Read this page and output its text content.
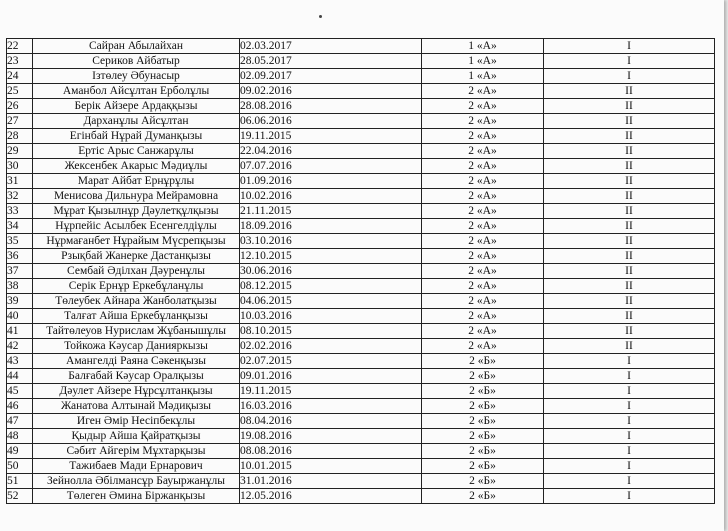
22	Сайран Абылайхан	02.03.2017	1 «А»	I
23	Сериков Айбатыр	28.05.2017	1 «А»	I
24	Ізтөлеу Әбунасыр	02.09.2017	1 «А»	I
25	Аманбол Айсұлтан Ерболұлы	09.02.2016	2 «А»	II
26	Берік Айзере Ардаққызы	28.08.2016	2 «А»	II
27	Дарханұлы Айсұлтан	06.06.2016	2 «А»	II
28	Егінбай Нұрай Думанқызы	19.11.2015	2 «А»	II
29	Ертіс Арыс Санжарұлы	22.04.2016	2 «А»	II
30	Жексенбек Акарыс Мәдиұлы	07.07.2016	2 «А»	II
31	Марат Айбат Ернұрұлы	01.09.2016	2 «А»	II
32	Менисова Дильнура Мейрамовна	10.02.2016	2 «А»	II
33	Мұрат Қызылнұр Дәулетқұлқызы	21.11.2015	2 «А»	II
34	Нұрпейіс Асылбек Есенгелдіұлы	18.09.2016	2 «А»	II
35	Нұрмағанбет Нұрайым Мүсрепқызы	03.10.2016	2 «А»	II
36	Рзықбай Жанерке Дастанқызы	12.10.2015	2 «А»	II
37	Сембай Әділхан Дәуренұлы	30.06.2016	2 «А»	II
38	Серік Ернұр Еркебұланұлы	08.12.2015	2 «А»	II
39	Төлеубек Айнара Жанболатқызы	04.06.2015	2 «А»	II
40	Талғат Айша Еркебұланқызы	10.03.2016	2 «А»	II
41	Тайтөлеуов Нурислам Жұбанышұлы	08.10.2015	2 «А»	II
42	Тойкожа Кәусар Данияркызы	02.02.2016	2 «А»	II
43	Амангелді Раяна Сәкенқызы	02.07.2015	2 «Б»	I
44	Балғабай Кәусар Оралқызы	09.01.2016	2 «Б»	I
45	Дәулет Айзере Нұрсұлтанқызы	19.11.2015	2 «Б»	I
46	Жанатова Алтынай Мәдиқызы	16.03.2016	2 «Б»	I
47	Иген Әмір Несіпбекұлы	08.04.2016	2 «Б»	I
48	Қыдыр Айша Қайратқызы	19.08.2016	2 «Б»	I
49	Сәбит Айгерім Мұхтарқызы	08.08.2016	2 «Б»	I
50	Тажибаев Мади Ернарович	10.01.2015	2 «Б»	I
51	Зейнолла Әбілмансұр Бауыржанұлы	31.01.2016	2 «Б»	I
52	Төлеген Әмина Біржанқызы	12.05.2016	2 «Б»	I
